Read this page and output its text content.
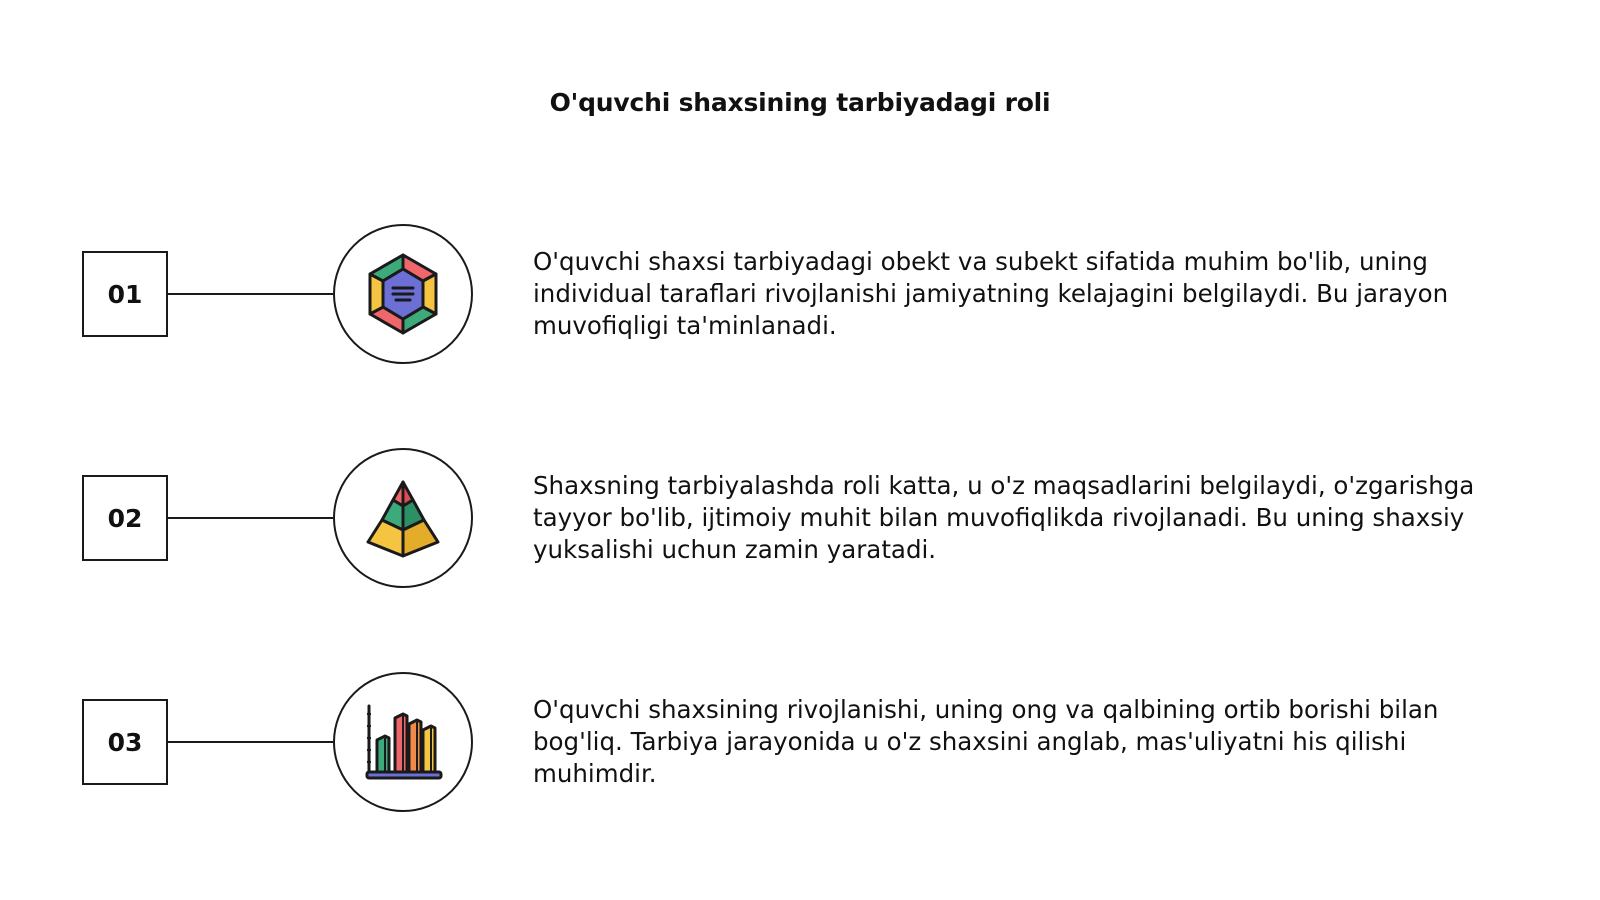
O'quvchi shaxsining tarbiyadagi roli
01
O'quvchi shaxsi tarbiyadagi obekt va subekt sifatida muhim bo'lib, uning individual taraflari rivojlanishi jamiyatning kelajagini belgilaydi. Bu jarayon muvofiqligi ta'minlanadi.
02
Shaxsning tarbiyalashda roli katta, u o'z maqsadlarini belgilaydi, o'zgarishga tayyor bo'lib, ijtimoiy muhit bilan muvofiqlikda rivojlanadi. Bu uning shaxsiy yuksalishi uchun zamin yaratadi.
03
O'quvchi shaxsining rivojlanishi, uning ong va qalbining ortib borishi bilan bog'liq. Tarbiya jarayonida u o'z shaxsini anglab, mas'uliyatni his qilishi muhimdir.
